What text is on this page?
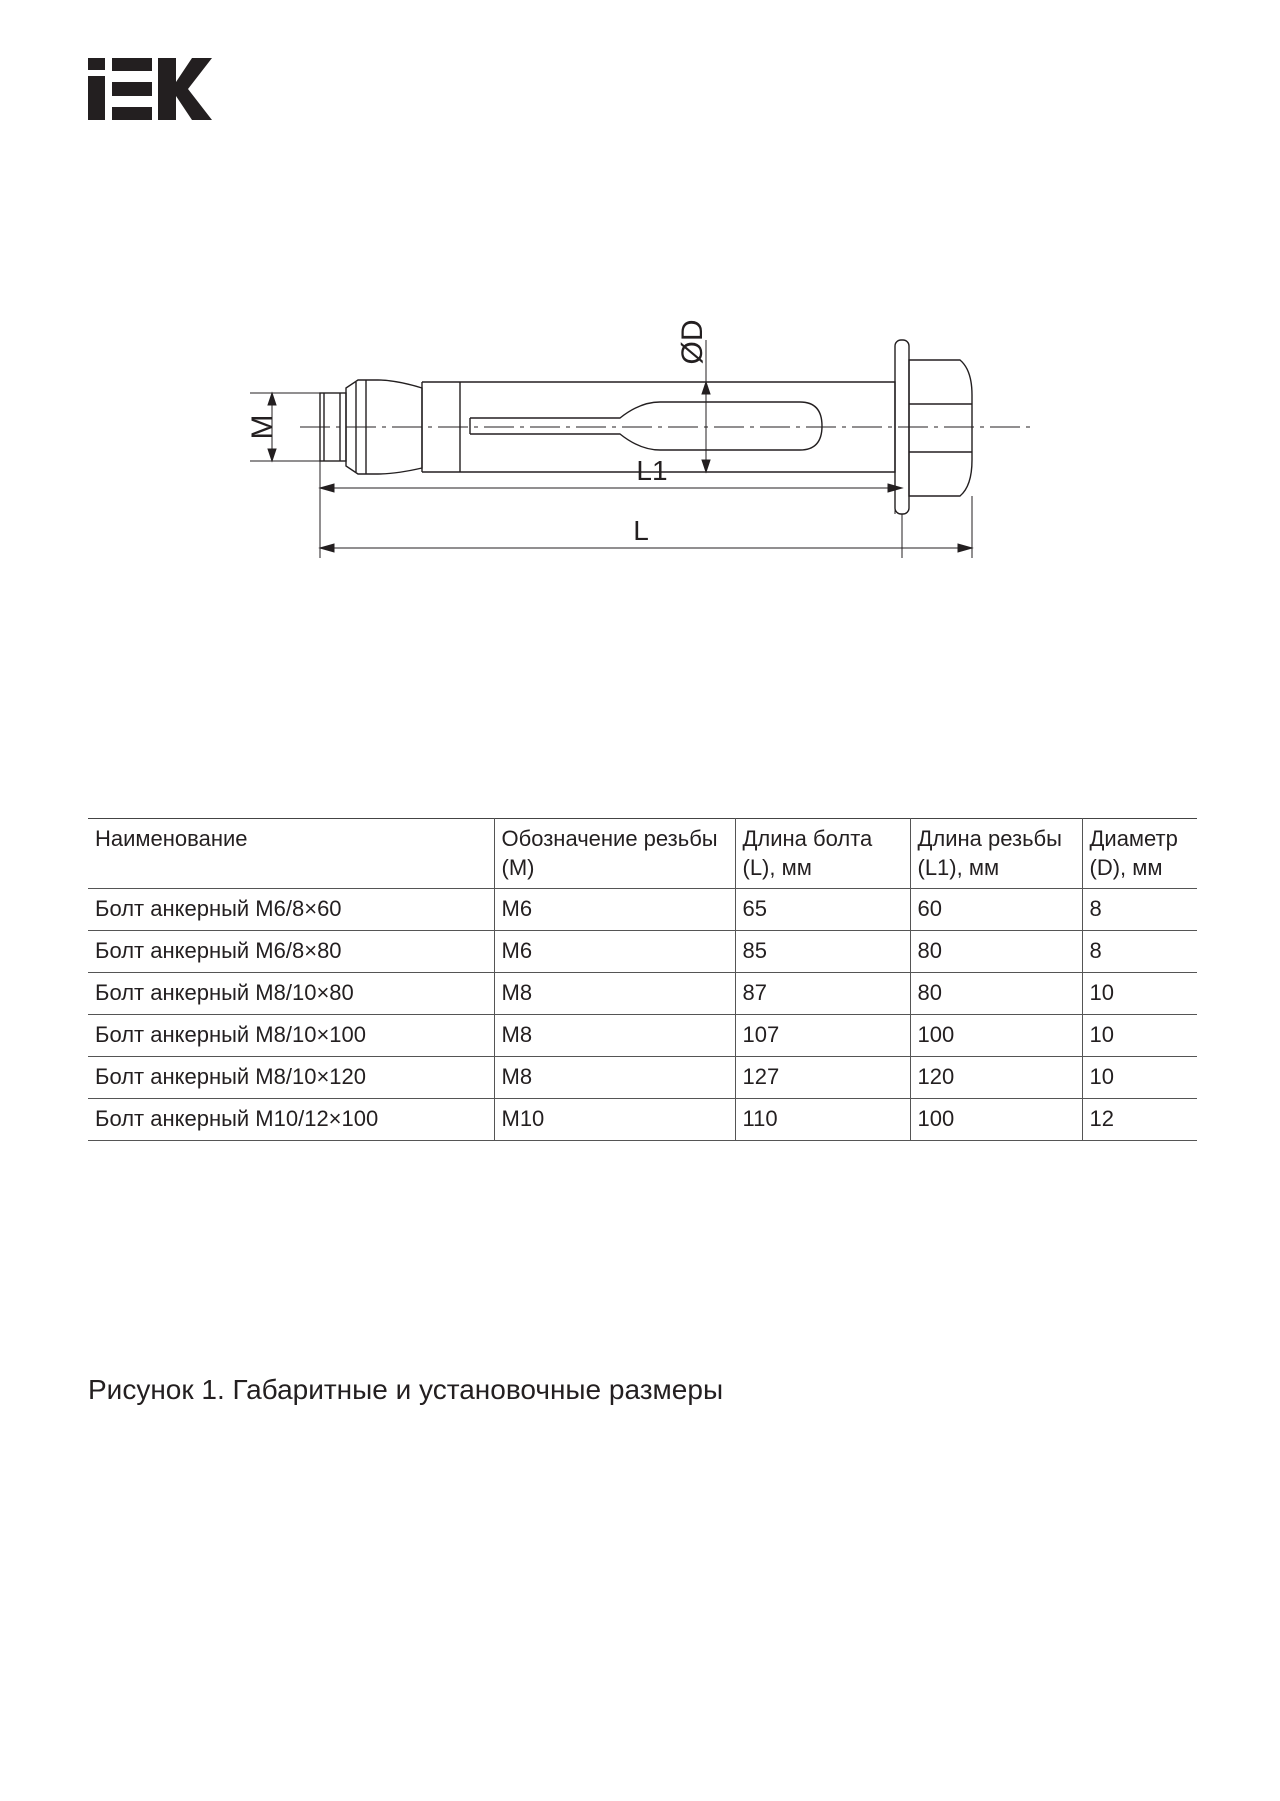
M
ØD
L1
L
Наименование	Обозначение резьбы (M)	Длина болта (L), мм	Длина резьбы (L1), мм	Диаметр (D), мм
Болт анкерный M6/8×60	M6	65	60	8
Болт анкерный M6/8×80	M6	85	80	8
Болт анкерный M8/10×80	M8	87	80	10
Болт анкерный M8/10×100	M8	107	100	10
Болт анкерный M8/10×120	M8	127	120	10
Болт анкерный M10/12×100	M10	110	100	12
Рисунок 1. Габаритные и установочные размеры
